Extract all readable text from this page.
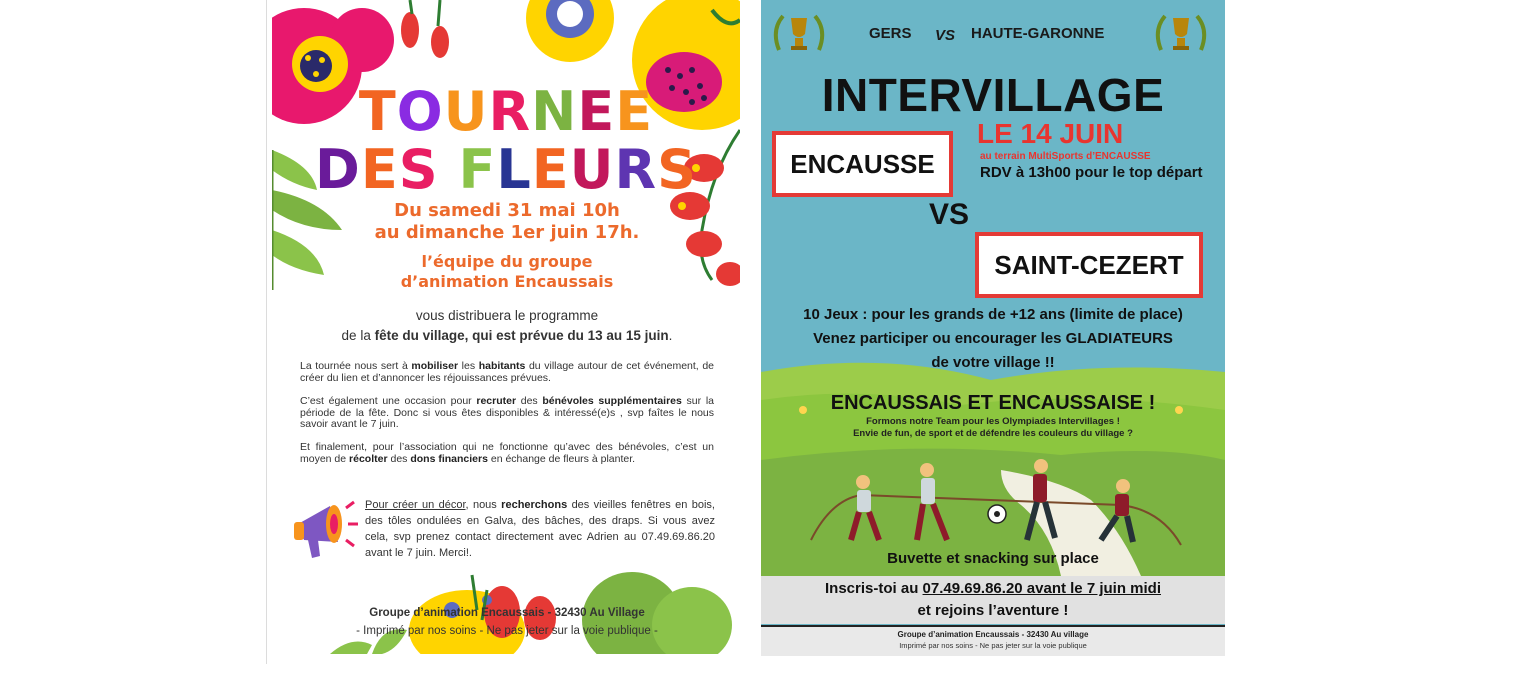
TOURNEE
DES FLEURS
Du samedi 31 mai 10h
au dimanche 1er juin 17h.
l’équipe du groupe
d’animation Encaussais
vous distribuera le programme
de la fête du village, qui est prévue du 13 au 15 juin.
La tournée nous sert à mobiliser les habitants du village autour de cet événement, de créer du lien et d’annoncer les réjouissances prévues.
C’est également une occasion pour recruter des bénévoles supplémentaires sur la période de la fête. Donc si vous êtes disponibles & intéressé(e)s , svp faîtes le nous savoir avant le 7 juin.
Et finalement, pour l’association qui ne fonctionne qu’avec des bénévoles, c’est un moyen de récolter des dons financiers en échange de fleurs à planter.
Pour créer un décor, nous recherchons des vieilles fenêtres en bois, des tôles ondulées en Galva, des bâches, des draps. Si vous avez cela, svp prenez contact directement avec Adrien au 07.49.69.86.20 avant le 7 juin. Merci!.
Groupe d’animation Encaussais - 32430 Au Village
- Imprimé par nos soins - Ne pas jeter sur la voie publique -
GERS VS HAUTE-GARONNE
INTERVILLAGE
LE 14 JUIN
au terrain MultiSports d’ENCAUSSE
RDV à 13h00 pour le top départ
ENCAUSSE
VS
SAINT-CEZERT
10 Jeux : pour les grands de +12 ans (limite de place)
Venez participer ou encourager les GLADIATEURS
de votre village !!
ENCAUSSAIS ET ENCAUSSAISE !
Formons notre Team pour les Olympiades Intervillages !
Envie de fun, de sport et de défendre les couleurs du village ?
Buvette et snacking sur place
Inscris-toi au 07.49.69.86.20 avant le 7 juin midi
et rejoins l’aventure !
Groupe d’animation Encaussais - 32430 Au village
Imprimé par nos soins - Ne pas jeter sur la voie publique
